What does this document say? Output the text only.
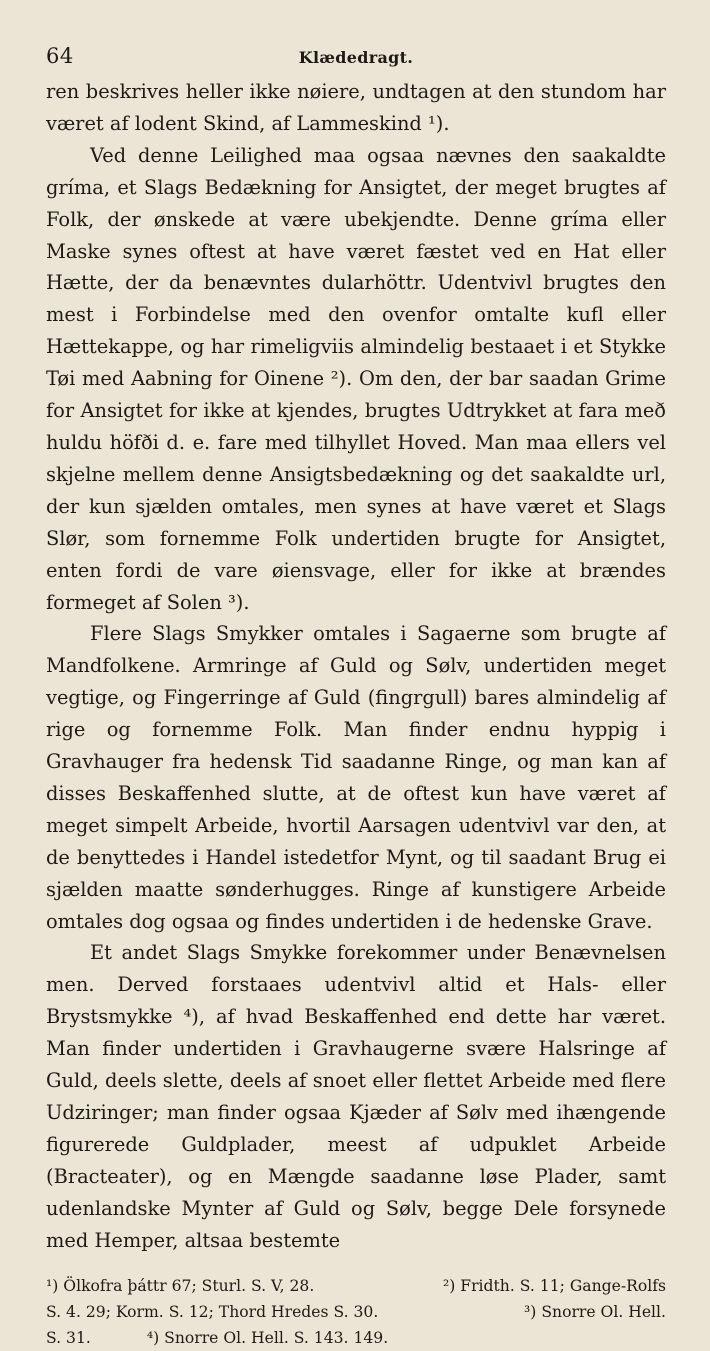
64	Klædedragt.

ren beskrives heller ikke nøiere, undtagen at den stundom har været af lodent Skind, af Lammeskind ¹).

Ved denne Leilighed maa ogsaa nævnes den saakaldte gríma, et Slags Bedækning for Ansigtet, der meget brugtes af Folk, der ønskede at være ubekjendte. Denne gríma eller Maske synes oftest at have været fæstet ved en Hat eller Hætte, der da benævntes dularhöttr. Udentvivl brugtes den mest i Forbindelse med den ovenfor omtalte kufl eller Hættekappe, og har rimeligviis almindelig bestaaet i et Stykke Tøi med Aabning for Oinene ²). Om den, der bar saadan Grime for Ansigtet for ikke at kjendes, brugtes Udtrykket at fara með huldu höfði d. e. fare med tilhyllet Hoved. Man maa ellers vel skjelne mellem denne Ansigtsbedækning og det saakaldte url, der kun sjælden omtales, men synes at have været et Slags Slør, som fornemme Folk undertiden brugte for Ansigtet, enten fordi de vare øiensvage, eller for ikke at brændes formeget af Solen ³).

Flere Slags Smykker omtales i Sagaerne som brugte af Mandfolkene. Armringe af Guld og Sølv, undertiden meget vegtige, og Fingerringe af Guld (fingrgull) bares almindelig af rige og fornemme Folk. Man finder endnu hyppig i Gravhauger fra hedensk Tid saadanne Ringe, og man kan af disses Beskaffenhed slutte, at de oftest kun have været af meget simpelt Arbeide, hvortil Aarsagen udentvivl var den, at de benyttedes i Handel istedetfor Mynt, og til saadant Brug ei sjælden maatte sønderhugges. Ringe af kunstigere Arbeide omtales dog ogsaa og findes undertiden i de hedenske Grave.

Et andet Slags Smykke forekommer under Benævnelsen men. Derved forstaaes udentvivl altid et Hals- eller Brystsmykke ⁴), af hvad Beskaffenhed end dette har været. Man finder undertiden i Gravhaugerne svære Halsringe af Guld, deels slette, deels af snoet eller flettet Arbeide med flere Udziringer; man finder ogsaa Kjæder af Sølv med ihængende figurerede Guldplader, meest af udpuklet Arbeide (Bracteater), og en Mængde saadanne løse Plader, samt udenlandske Mynter af Guld og Sølv, begge Dele forsynede med Hemper, altsaa bestemte

¹) Ölkofra þáttr 67; Sturl. S. V, 28.	²) Fridth. S. 11; Gange-Rolfs
S. 4. 29; Korm. S. 12; Thord Hredes S. 30.	³) Snorre Ol. Hell.
S. 31.	⁴) Snorre Ol. Hell. S. 143. 149.
